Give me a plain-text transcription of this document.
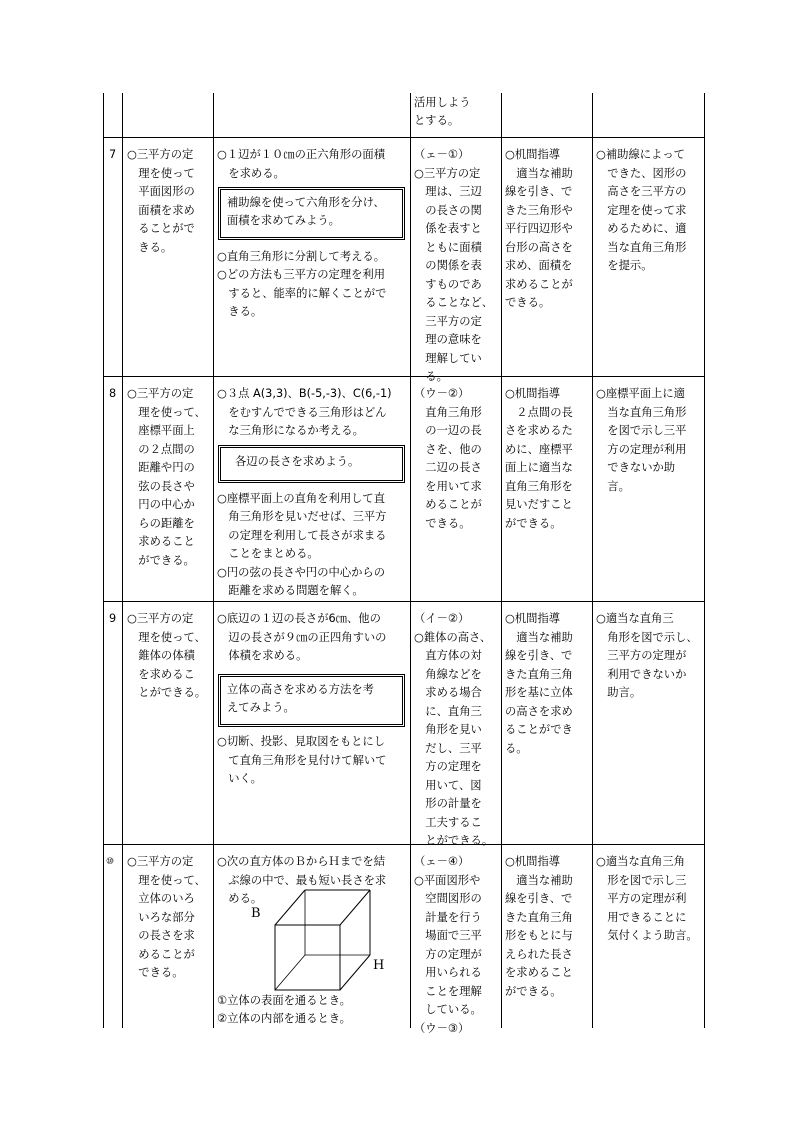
活用しよう
とする。
7 ○三平方の定
　理を使って
　平面図形の
　面積を求め
　ることがで
　きる。
○１辺が１０㎝の正六角形の面積
　を求める。
補助線を使って六角形を分け、
面積を求めてみよう。
○直角三角形に分割して考える。
○どの方法も三平方の定理を利用
　すると、能率的に解くことがで
　きる。
（ェ－①）
○三平方の定
　理は、三辺
　の長さの関
　係を表すと
　ともに面積
　の関係を表
　すものであ
　ることなど、
　三平方の定
　理の意味を
　理解してい
　る。
○机間指導
　適当な補助
線を引き、で
きた三角形や
平行四辺形や
台形の高さを
求め、面積を
求めることが
できる。
○補助線によって
　できた、図形の
　高さを三平方の
　定理を使って求
　めるために、適
　当な直角三角形
　を提示。
8 ○三平方の定
　理を使って、
　座標平面上
　の２点間の
　距離や円の
　弦の長さや
　円の中心か
　らの距離を
　求めること
　ができる。
○３点 A(3,3)、B(-5,-3)、C(6,-1)
　をむすんでできる三角形はどん
　な三角形になるか考える。
各辺の長さを求めよう。
○座標平面上の直角を利用して直
　角三角形を見いだせば、三平方
　の定理を利用して長さが求まる
　ことをまとめる。
○円の弦の長さや円の中心からの
　距離を求める問題を解く。
（ウ－②）
　直角三角形
　の一辺の長
　さを、他の
　二辺の長さ
　を用いて求
　めることが
　できる。
○机間指導
　２点間の長
さを求めるた
めに、座標平
面上に適当な
直角三角形を
見いだすこと
ができる。
○座標平面上に適
　当な直角三角形
　を図で示し三平
　方の定理が利用
　できないか助
　言。
9 ○三平方の定
　理を使って、
　錐体の体積
　を求めるこ
　とができる。
○底辺の１辺の長さが6㎝、他の
　辺の長さが９㎝の正四角すいの
　体積を求める。
立体の高さを求める方法を考
えてみよう。
○切断、投影、見取図をもとにし
　て直角三角形を見付けて解いて
　いく。
（イ－②）
○錐体の高さ、
　直方体の対
　角線などを
　求める場合
　に、直角三
　角形を見い
　だし、三平
　方の定理を
　用いて、図
　形の計量を
　工夫するこ
　とができる。
○机間指導
　適当な補助
線を引き、で
きた直角三角
形を基に立体
の高さを求め
ることができ
る。
○適当な直角三
　角形を図で示し、
　三平方の定理が
　利用できないか
　助言。
⑩ ○三平方の定
　理を使って、
　立体のいろ
　いろな部分
　の長さを求
　めることが
　できる。
○次の直方体のＢからＨまでを結
　ぶ線の中で、最も短い長さを求
　める。
B
H
①立体の表面を通るとき。
②立体の内部を通るとき。
（ェ－④）
○平面図形や
　空間図形の
　計量を行う
　場面で三平
　方の定理が
　用いられる
　ことを理解
　している。
（ウ－③）
○机間指導
　適当な補助
線を引き、で
きた直角三角
形をもとに与
えられた長さ
を求めること
ができる。
○適当な直角三角
　形を図で示し三
　平方の定理が利
　用できることに
　気付くよう助言。
